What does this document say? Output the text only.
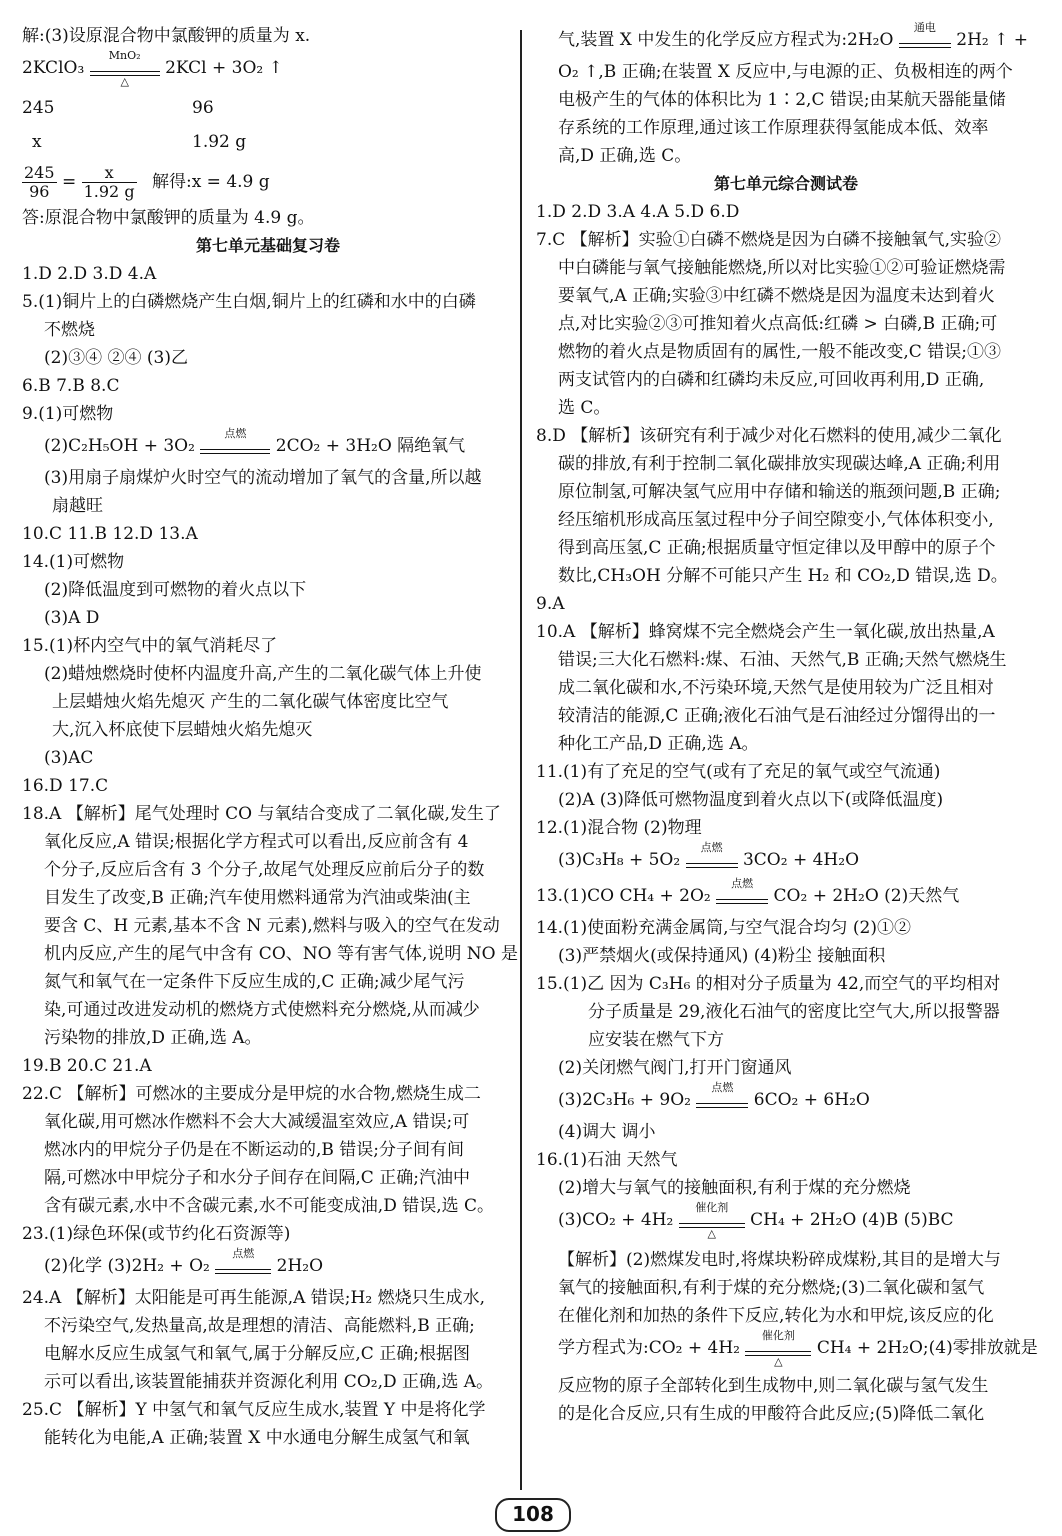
解:(3)设原混合物中氯酸钾的质量为 x.
2KClO₃
MnO₂
△
2KCl + 3O₂ ↑
245	96
x	1.92 g
$\frac{245}{96} = \frac{x}{1.92 g}$ 解得:x = 4.9 g
答:原混合物中氯酸钾的质量为 4.9 g。
第七单元基础复习卷
1.D 2.D 3.D 4.A
5.(1)铜片上的白磷燃烧产生白烟,铜片上的红磷和水中的白磷
不燃烧
(2)③④ ②④ (3)乙
6.B 7.B 8.C
9.(1)可燃物
(2)C₂H₅OH + 3O₂
点燃
2CO₂ + 3H₂O 隔绝氧气
(3)用扇子扇煤炉火时空气的流动增加了氧气的含量,所以越
扇越旺
10.C 11.B 12.D 13.A
14.(1)可燃物
(2)降低温度到可燃物的着火点以下
(3)A D
15.(1)杯内空气中的氧气消耗尽了
(2)蜡烛燃烧时使杯内温度升高,产生的二氧化碳气体上升使
上层蜡烛火焰先熄灭 产生的二氧化碳气体密度比空气
大,沉入杯底使下层蜡烛火焰先熄灭
(3)AC
16.D 17.C
18.A 【解析】尾气处理时 CO 与氧结合变成了二氧化碳,发生了
氧化反应,A 错误;根据化学方程式可以看出,反应前含有 4
个分子,反应后含有 3 个分子,故尾气处理反应前后分子的数
目发生了改变,B 正确;汽车使用燃料通常为汽油或柴油(主
要含 C、H 元素,基本不含 N 元素),燃料与吸入的空气在发动
机内反应,产生的尾气中含有 CO、NO 等有害气体,说明 NO 是
氮气和氧气在一定条件下反应生成的,C 正确;减少尾气污
染,可通过改进发动机的燃烧方式使燃料充分燃烧,从而减少
污染物的排放,D 正确,选 A。
19.B 20.C 21.A
22.C 【解析】可燃冰的主要成分是甲烷的水合物,燃烧生成二
氧化碳,用可燃冰作燃料不会大大减缓温室效应,A 错误;可
燃冰内的甲烷分子仍是在不断运动的,B 错误;分子间有间
隔,可燃冰中甲烷分子和水分子间存在间隔,C 正确;汽油中
含有碳元素,水中不含碳元素,水不可能变成油,D 错误,选 C。
23.(1)绿色环保(或节约化石资源等)
(2)化学 (3)2H₂ + O₂
点燃
2H₂O
24.A 【解析】太阳能是可再生能源,A 错误;H₂ 燃烧只生成水,
不污染空气,发热量高,故是理想的清洁、高能燃料,B 正确;
电解水反应生成氢气和氧气,属于分解反应,C 正确;根据图
示可以看出,该装置能捕获并资源化利用 CO₂,D 正确,选 A。
25.C 【解析】Y 中氢气和氧气反应生成水,装置 Y 中是将化学
能转化为电能,A 正确;装置 X 中水通电分解生成氢气和氧
气,装置 X 中发生的化学反应方程式为:2H₂O
通电
2H₂ ↑ +
O₂ ↑,B 正确;在装置 X 反应中,与电源的正、负极相连的两个
电极产生的气体的体积比为 1∶2,C 错误;由某航天器能量储
存系统的工作原理,通过该工作原理获得氢能成本低、效率
高,D 正确,选 C。
第七单元综合测试卷
1.D 2.D 3.A 4.A 5.D 6.D
7.C 【解析】实验①白磷不燃烧是因为白磷不接触氧气,实验②
中白磷能与氧气接触能燃烧,所以对比实验①②可验证燃烧需
要氧气,A 正确;实验③中红磷不燃烧是因为温度未达到着火
点,对比实验②③可推知着火点高低:红磷 > 白磷,B 正确;可
燃物的着火点是物质固有的属性,一般不能改变,C 错误;①③
两支试管内的白磷和红磷均未反应,可回收再利用,D 正确,
选 C。
8.D 【解析】该研究有利于减少对化石燃料的使用,减少二氧化
碳的排放,有利于控制二氧化碳排放实现碳达峰,A 正确;利用
原位制氢,可解决氢气应用中存储和输送的瓶颈问题,B 正确;
经压缩机形成高压氢过程中分子间空隙变小,气体体积变小,
得到高压氢,C 正确;根据质量守恒定律以及甲醇中的原子个
数比,CH₃OH 分解不可能只产生 H₂ 和 CO₂,D 错误,选 D。
9.A
10.A 【解析】蜂窝煤不完全燃烧会产生一氧化碳,放出热量,A
错误;三大化石燃料:煤、石油、天然气,B 正确;天然气燃烧生
成二氧化碳和水,不污染环境,天然气是使用较为广泛且相对
较清洁的能源,C 正确;液化石油气是石油经过分馏得出的一
种化工产品,D 正确,选 A。
11.(1)有了充足的空气(或有了充足的氧气或空气流通)
(2)A (3)降低可燃物温度到着火点以下(或降低温度)
12.(1)混合物 (2)物理
(3)C₃H₈ + 5O₂
点燃
3CO₂ + 4H₂O
13.(1)CO CH₄ + 2O₂
点燃
CO₂ + 2H₂O (2)天然气
14.(1)使面粉充满金属筒,与空气混合均匀 (2)①②
(3)严禁烟火(或保持通风) (4)粉尘 接触面积
15.(1)乙 因为 C₃H₆ 的相对分子质量为 42,而空气的平均相对
分子质量是 29,液化石油气的密度比空气大,所以报警器
应安装在燃气下方
(2)关闭燃气阀门,打开门窗通风
(3)2C₃H₆ + 9O₂
点燃
6CO₂ + 6H₂O
(4)调大 调小
16.(1)石油 天然气
(2)增大与氧气的接触面积,有利于煤的充分燃烧
(3)CO₂ + 4H₂
催化剂
△
CH₄ + 2H₂O (4)B (5)BC
【解析】(2)燃煤发电时,将煤块粉碎成煤粉,其目的是增大与
氧气的接触面积,有利于煤的充分燃烧;(3)二氧化碳和氢气
在催化剂和加热的条件下反应,转化为水和甲烷,该反应的化
学方程式为:CO₂ + 4H₂
催化剂
△
CH₄ + 2H₂O;(4)零排放就是
反应物的原子全部转化到生成物中,则二氧化碳与氢气发生
的是化合反应,只有生成的甲酸符合此反应;(5)降低二氧化
108
